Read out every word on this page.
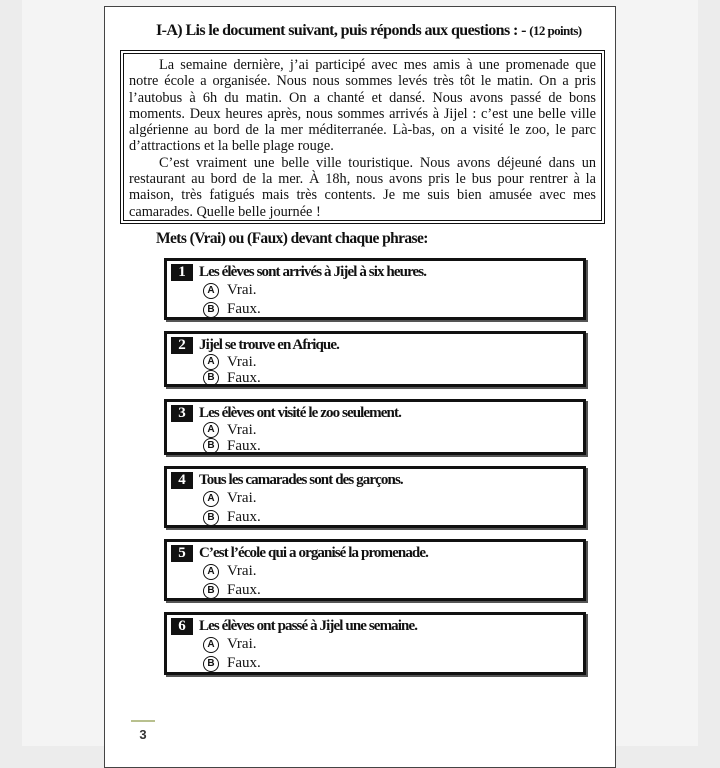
I-A) Lis le document suivant, puis réponds aux questions : - (12 points)

La semaine dernière, j’ai participé avec mes amis à une promenade que notre école a organisée. Nous nous sommes levés très tôt le matin. On a pris l’autobus à 6h du matin. On a chanté et dansé. Nous avons passé de bons moments. Deux heures après, nous sommes arrivés à Jijel : c’est une belle ville algérienne au bord de la mer méditerranée. Là-bas, on a visité le zoo, le parc d’attractions et la belle plage rouge.

C’est vraiment une belle ville touristique. Nous avons déjeuné dans un restaurant au bord de la mer. À 18h, nous avons pris le bus pour rentrer à la maison, très fatigués mais très contents. Je me suis bien amusée avec mes camarades. Quelle belle journée !

Mets (Vrai) ou (Faux) devant chaque phrase:
1 Les élèves sont arrivés à Jijel à six heures.
A Vrai.
B Faux.
2 Jijel se trouve en Afrique.
A Vrai.
B Faux.
3 Les élèves ont visité le zoo seulement.
A Vrai.
B Faux.
4 Tous les camarades sont des garçons.
A Vrai.
B Faux.
5 C’est l’école qui a organisé la promenade.
A Vrai.
B Faux.
6 Les élèves ont passé à Jijel une semaine.
A Vrai.
B Faux.
3
